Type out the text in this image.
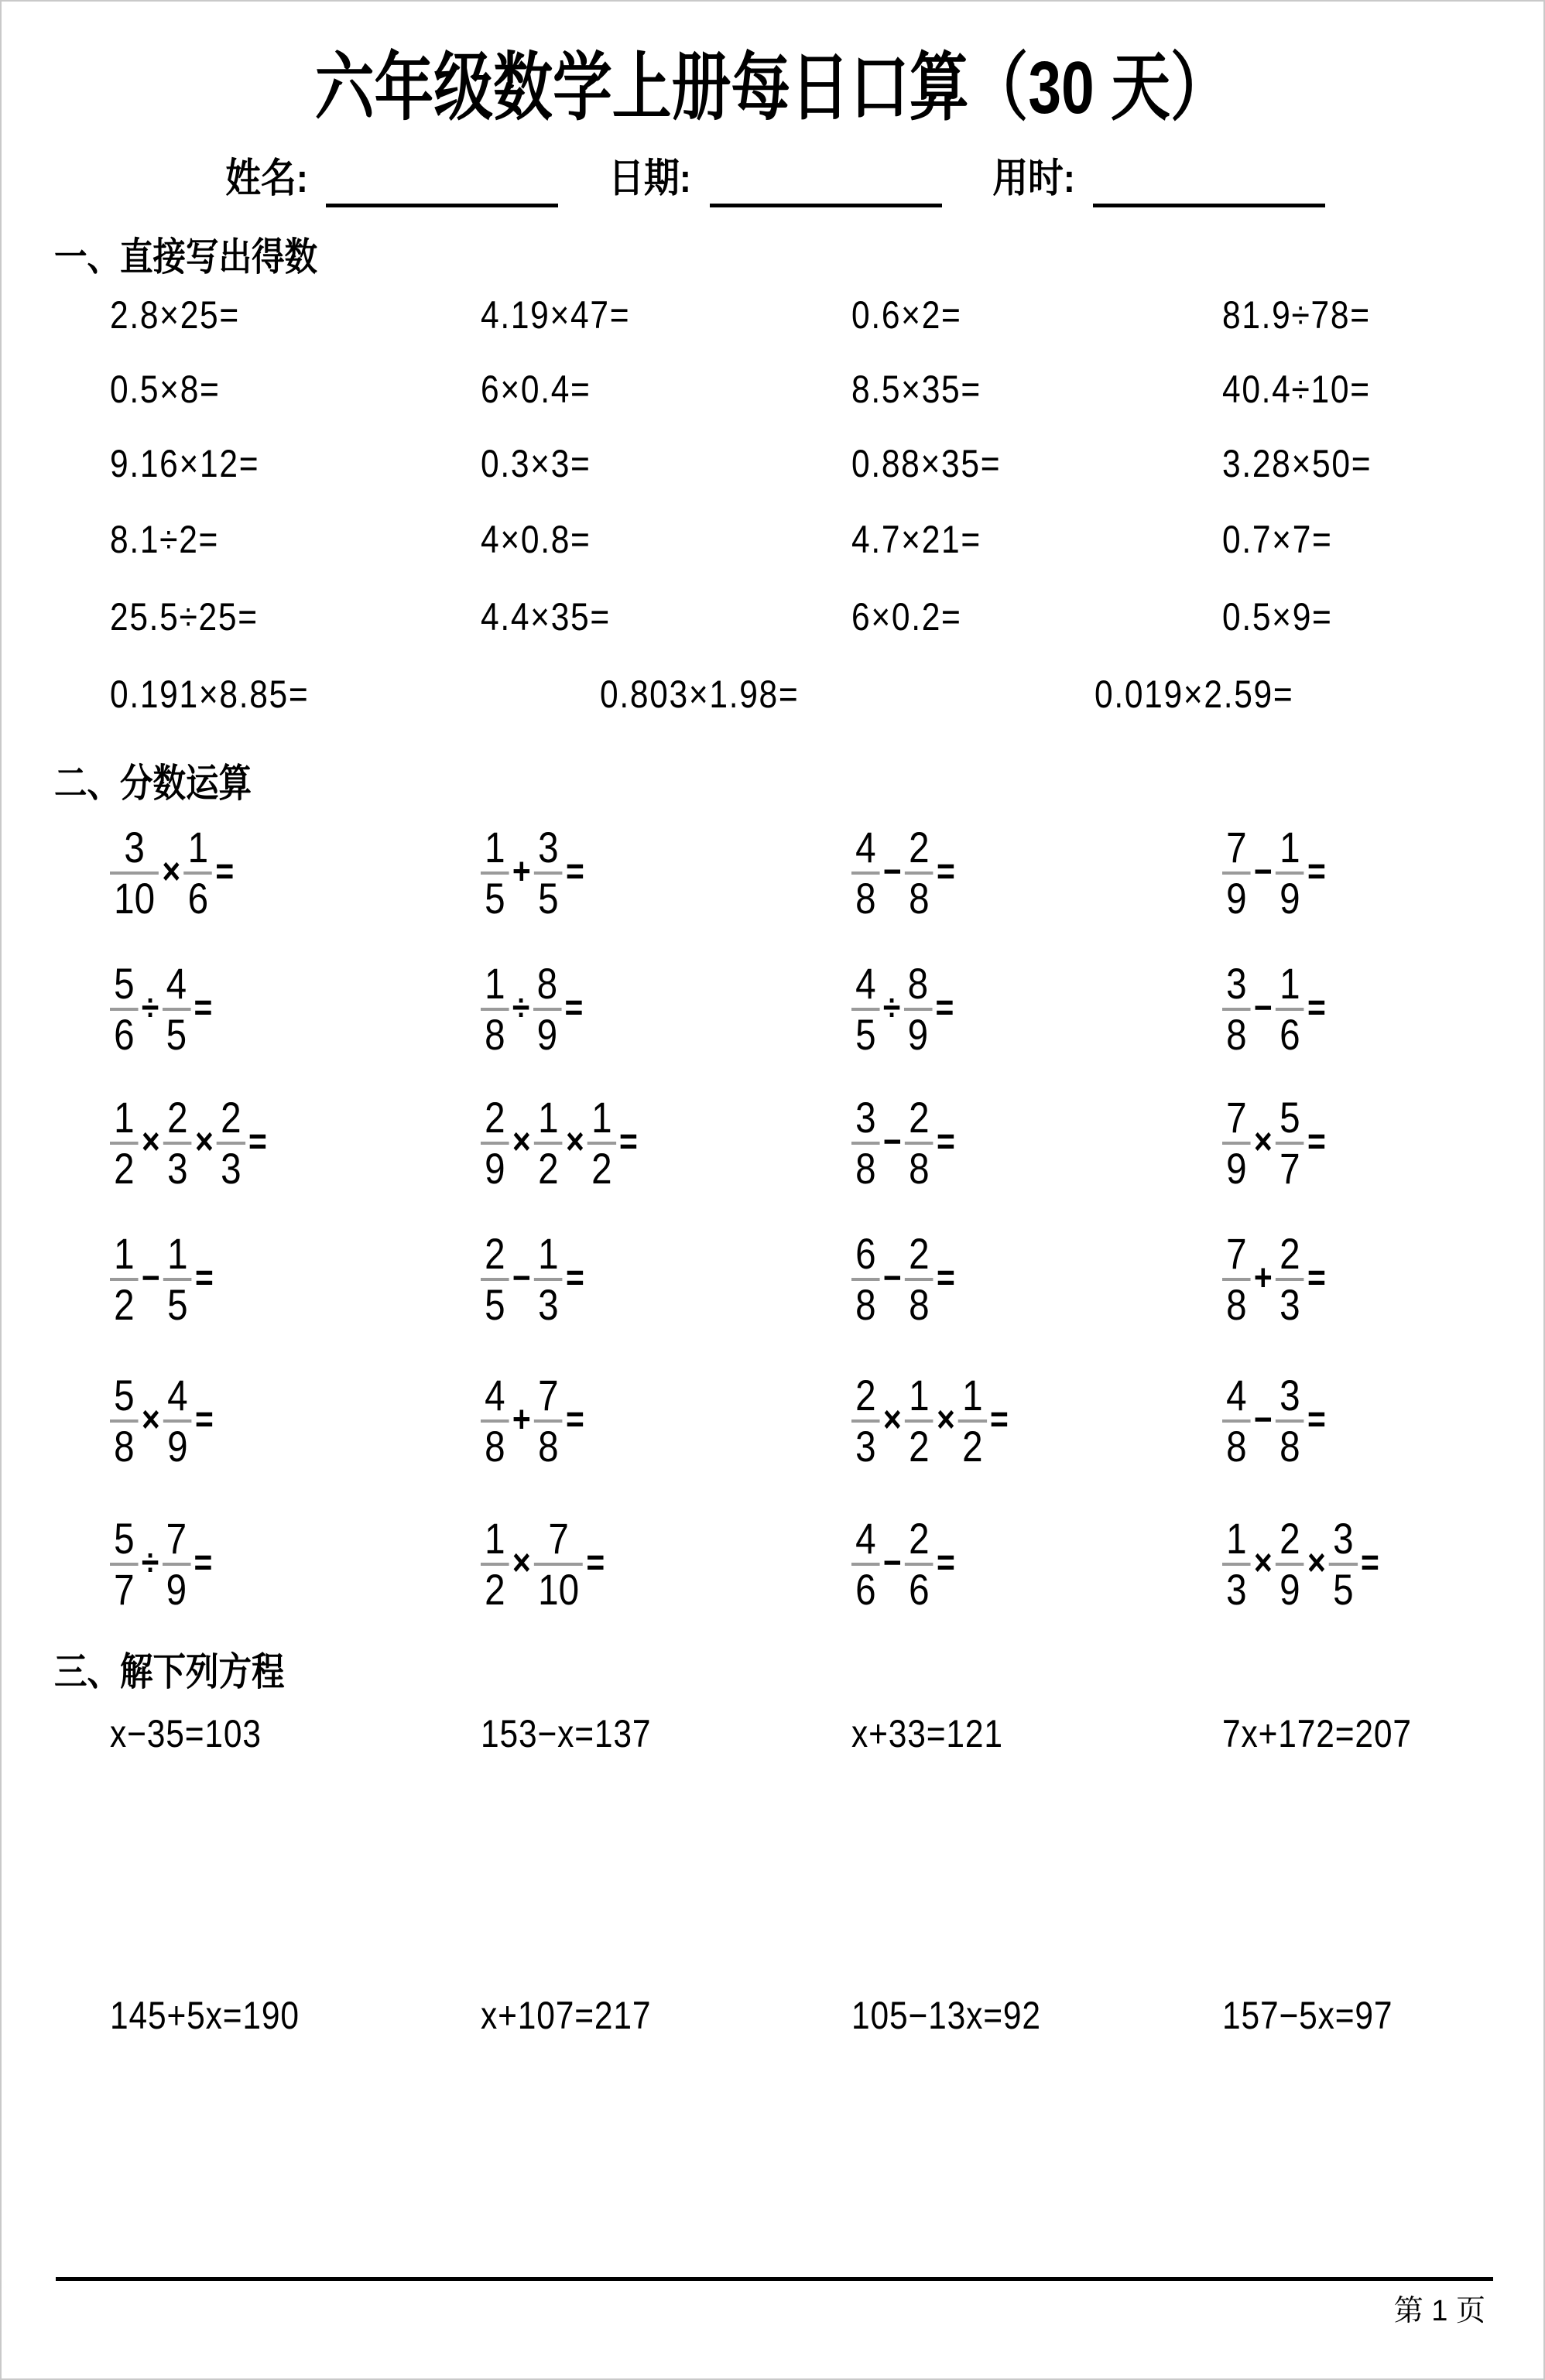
六年级数学上册每日口算（30 天）
姓名:	日期:	用时:
一、直接写出得数
2.8×25=	4.19×47=	0.6×2=	81.9÷78=
0.5×8=	6×0.4=	8.5×35=	40.4÷10=
9.16×12=	0.3×3=	0.88×35=	3.28×50=
8.1÷2=	4×0.8=	4.7×21=	0.7×7=
25.5÷25=	4.4×35=	6×0.2=	0.5×9=
0.191×8.85=	0.803×1.98=	0.019×2.59=
二、分数运算
$\frac{3}{10} \times \frac{1}{6}$ =	$\frac{1}{5} + \frac{3}{5}$ =	$\frac{4}{8} - \frac{2}{8}$ =	$\frac{7}{9} - \frac{1}{9}$ =
$\frac{5}{6} \div \frac{4}{5}$ =	$\frac{1}{8} \div \frac{8}{9}$ =	$\frac{4}{5} \div \frac{8}{9}$ =	$\frac{3}{8} - \frac{1}{6}$ =
$\frac{1}{2} \times \frac{2}{3} \times \frac{2}{3}$ =	$\frac{2}{9} \times \frac{1}{2} \times \frac{1}{2}$ =	$\frac{3}{8} - \frac{2}{8}$ =	$\frac{7}{9} \times \frac{5}{7}$ =
$\frac{1}{2} - \frac{1}{5}$ =	$\frac{2}{5} - \frac{1}{3}$ =	$\frac{6}{8} - \frac{2}{8}$ =	$\frac{7}{8} + \frac{2}{3}$ =
$\frac{5}{8} \times \frac{4}{9}$ =	$\frac{4}{8} + \frac{7}{8}$ =	$\frac{2}{3} \times \frac{1}{2} \times \frac{1}{2}$ =	$\frac{4}{8} - \frac{3}{8}$ =
$\frac{5}{7} \div \frac{7}{9}$ =	$\frac{1}{2} \times \frac{7}{10}$ =	$\frac{4}{6} - \frac{2}{6}$ =	$\frac{1}{3} \times \frac{2}{9} \times \frac{3}{5}$ =
三、解下列方程
x−35=103	153−x=137	x+33=121	7x+172=207
145+5x=190	x+107=217	105−13x=92	157−5x=97
第 1 页
